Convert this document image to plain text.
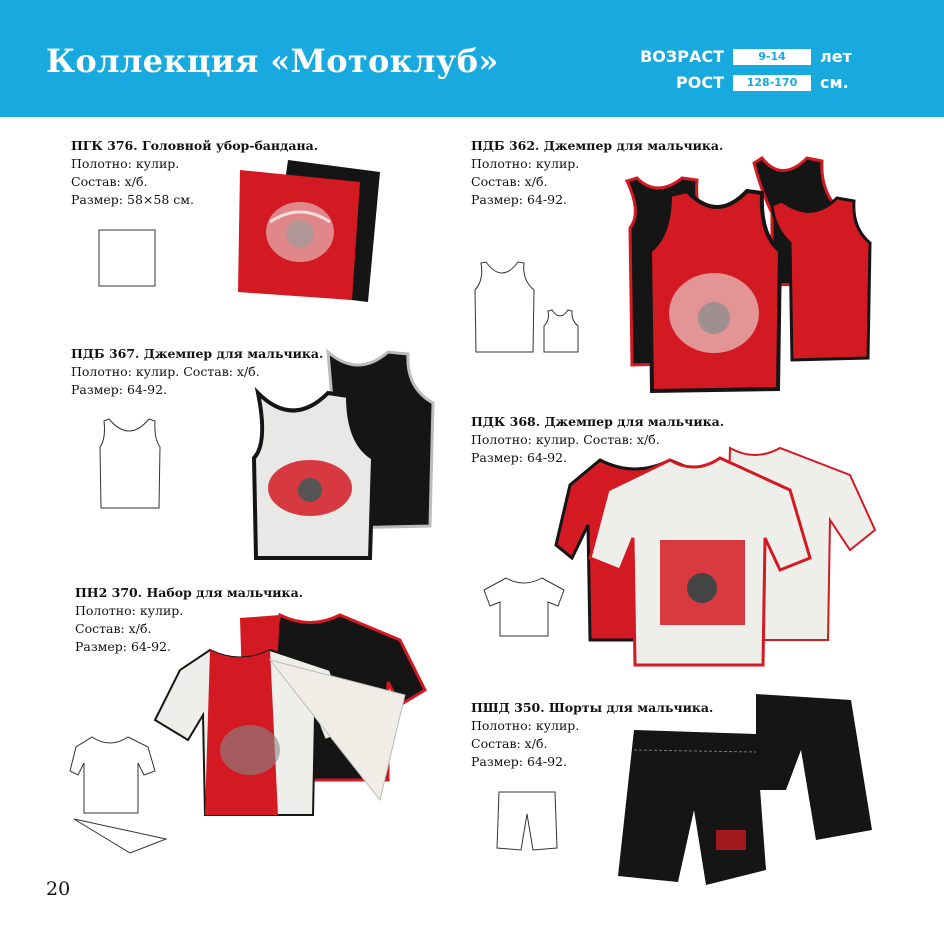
Коллекция «Мотоклуб»	ВОЗРАСТ	9-14	лет
РОСТ	128-170	см.
ПГК 376. Головной убор-бандана.
Полотно: кулир.
Состав: х/б.
Размер: 58×58 см.
ПДБ 362. Джемпер для мальчика.
Полотно: кулир.
Состав: х/б.
Размер: 64-92.
ПДБ 367. Джемпер для мальчика.
Полотно: кулир. Состав: х/б.
Размер: 64-92.
ПДК 368. Джемпер для мальчика.
Полотно: кулир. Состав: х/б.
Размер: 64-92.
ПН2 370. Набор для мальчика.
Полотно: кулир.
Состав: х/б.
Размер: 64-92.
ПШД 350. Шорты для мальчика.
Полотно: кулир.
Состав: х/б.
Размер: 64-92.
20
